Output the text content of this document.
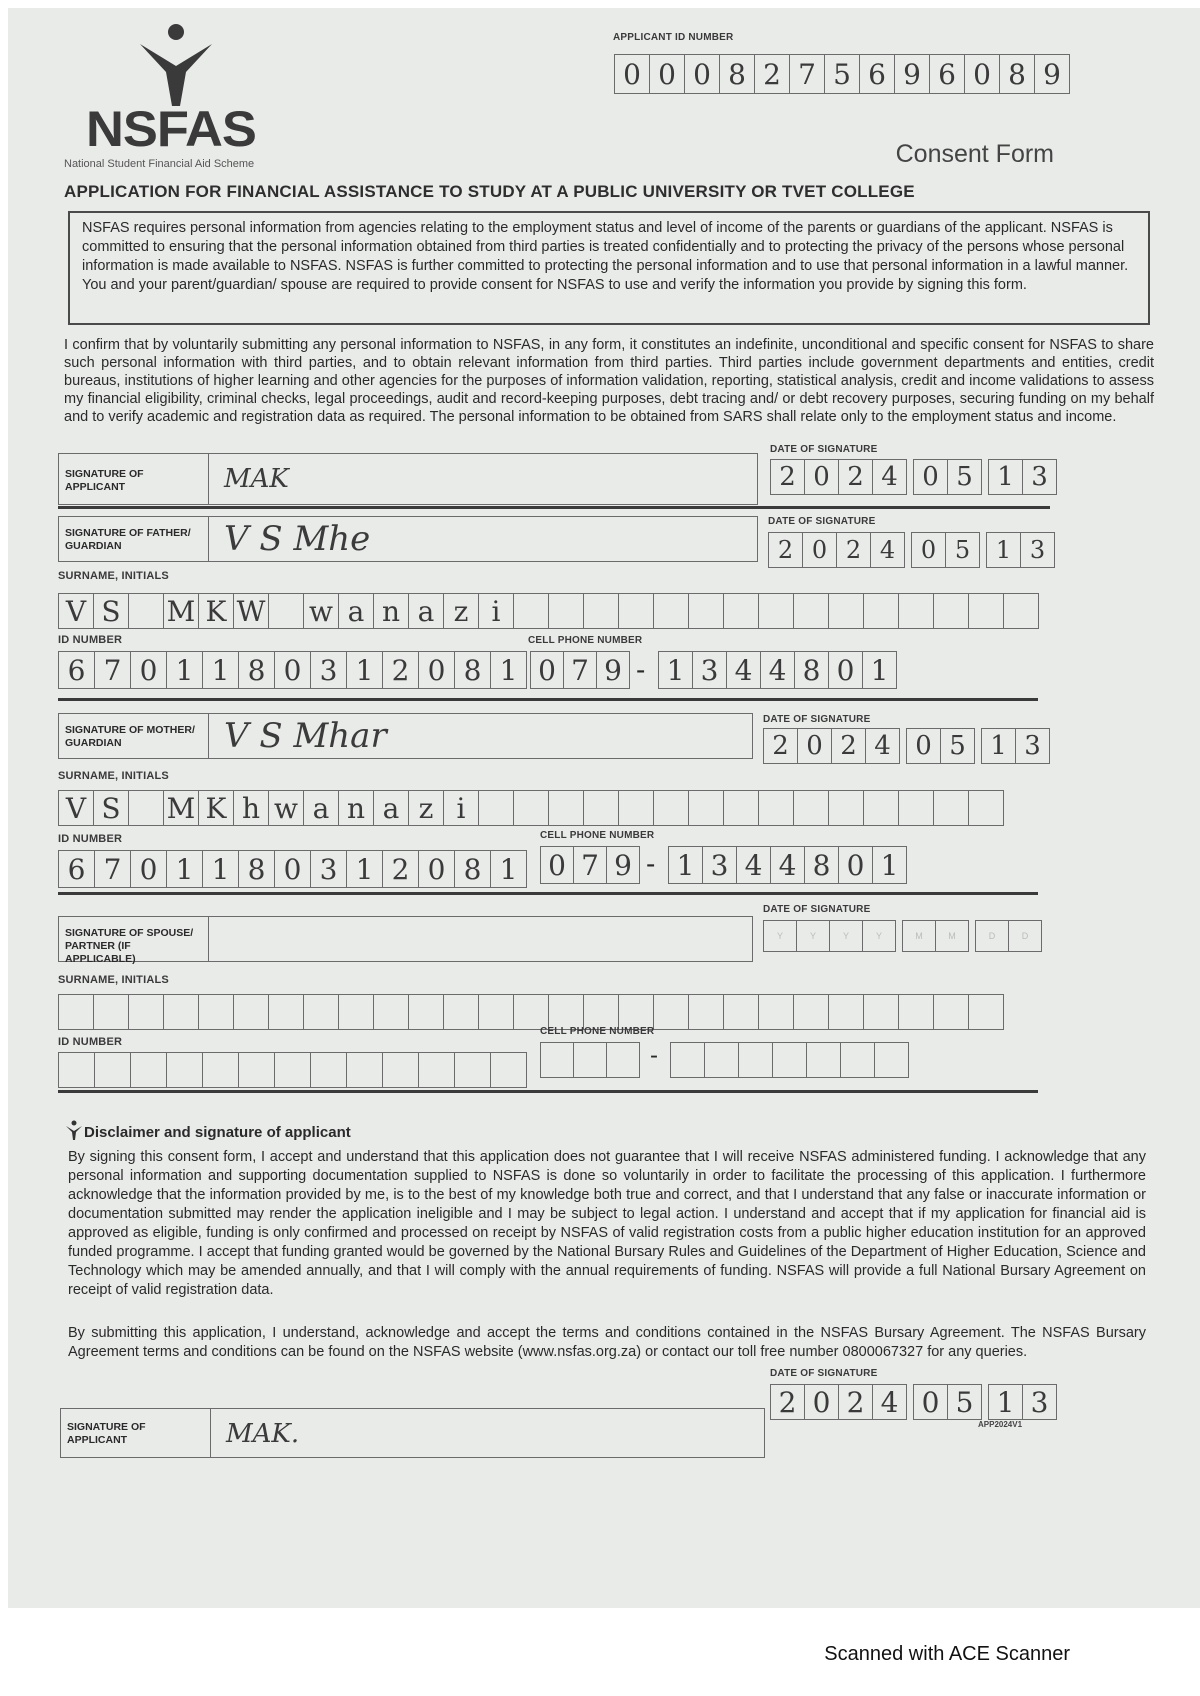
NSFAS
National Student Financial Aid Scheme
APPLICANT ID NUMBER
0 0 0 8 2 7 5 6 9 6 0 8 9
Consent Form
APPLICATION FOR FINANCIAL ASSISTANCE TO STUDY AT A PUBLIC UNIVERSITY OR TVET COLLEGE
NSFAS requires personal information from agencies relating to the employment status and level of income of the parents or guardians of the applicant. NSFAS is committed to ensuring that the personal information obtained from third parties is treated confidentially and to protecting the privacy of the persons whose personal information is made available to NSFAS. NSFAS is further committed to protecting the personal information and to use that personal information in a lawful manner. You and your parent/guardian/ spouse are required to provide consent for NSFAS to use and verify the information you provide by signing this form.
I confirm that by voluntarily submitting any personal information to NSFAS, in any form, it constitutes an indefinite, unconditional and specific consent for NSFAS to share such personal information with third parties, and to obtain relevant information from third parties. Third parties include government departments and entities, credit bureaus, institutions of higher learning and other agencies for the purposes of information validation, reporting, statistical analysis, credit and income validations to assess my financial eligibility, criminal checks, legal proceedings, audit and record-keeping purposes, debt tracing and/ or debt recovery purposes, securing funding on my behalf and to verify academic and registration data as required. The personal information to be obtained from SARS shall relate only to the employment status and income.
SIGNATURE OF APPLICANT	MAK
DATE OF SIGNATURE
2 0 2 4 0 5 1 3
SIGNATURE OF FATHER/ GUARDIAN	V S Mhe	DATE OF SIGNATURE
2 0 2 4	0 5	1 3
SURNAME, INITIALS
V S	M K W w a n a z i
ID NUMBER
6 7 0 1 1 8 0 3 1 2 0 8 1
CELL PHONE NUMBER
0 7 9 - 1 3 4 4 8 0 1
SIGNATURE OF MOTHER/ GUARDIAN	V S Mhar	DATE OF SIGNATURE
2 0 2 4 0 5 1 3
SURNAME, INITIALS
V S	M K h w a n a z i
ID NUMBER
6 7 0 1 1 8 0 3 1 2 0 8 1
CELL PHONE NUMBER
0 7 9 - 1 3 4 4 8 0 1
SIGNATURE OF SPOUSE/ PARTNER (IF APPLICABLE)
DATE OF SIGNATURE
Y	Y	Y	Y	M	M	D	D
SURNAME, INITIALS
ID NUMBER
CELL PHONE NUMBER
-
Disclaimer and signature of applicant
By signing this consent form, I accept and understand that this application does not guarantee that I will receive NSFAS administered funding. I acknowledge that any personal information and supporting documentation supplied to NSFAS is done so voluntarily in order to facilitate the processing of this application. I furthermore acknowledge that the information provided by me, is to the best of my knowledge both true and correct, and that I understand that any false or inaccurate information or documentation submitted may render the application ineligible and I may be subject to legal action. I understand and accept that if my application for financial aid is approved as eligible, funding is only confirmed and processed on receipt by NSFAS of valid registration costs from a public higher education institution for an approved funded programme. I accept that funding granted would be governed by the National Bursary Rules and Guidelines of the Department of Higher Education, Science and Technology which may be amended annually, and that I will comply with the annual requirements of funding. NSFAS will provide a full National Bursary Agreement on receipt of valid registration data.
By submitting this application, I understand, acknowledge and accept the terms and conditions contained in the NSFAS Bursary Agreement. The NSFAS Bursary Agreement terms and conditions can be found on the NSFAS website (www.nsfas.org.za) or contact our toll free number 0800067327 for any queries.
SIGNATURE OF APPLICANT	MAK.
DATE OF SIGNATURE
2 0 2 4 0 5 1 3
APP2024V1
Scanned with ACE Scanner
